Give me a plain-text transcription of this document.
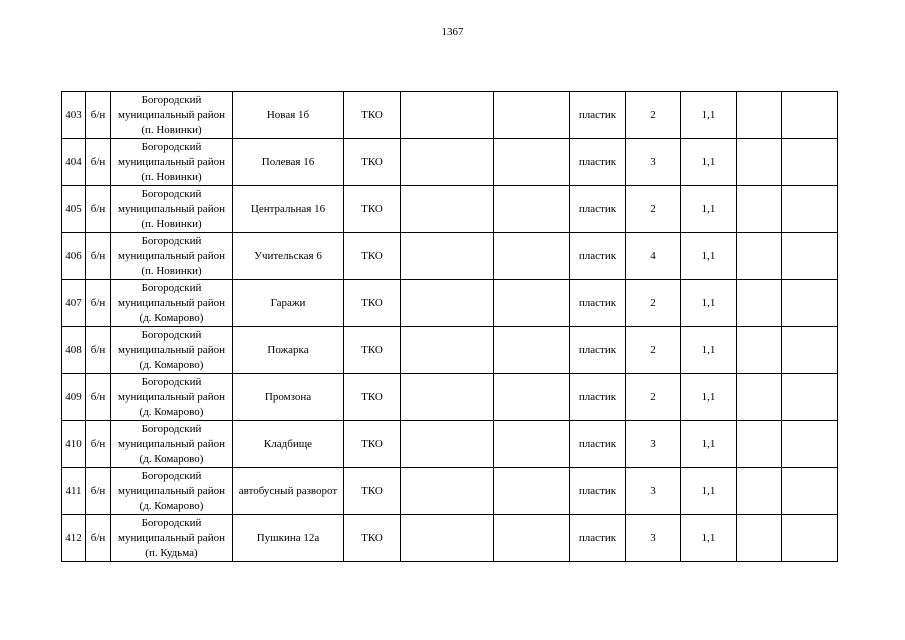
1367
403	б/н	Богородский
муниципальный район
(п. Новинки)	Новая 1б	ТКО			пластик	2	1,1		
404	б/н	Богородский
муниципальный район
(п. Новинки)	Полевая 16	ТКО			пластик	3	1,1		
405	б/н	Богородский
муниципальный район
(п. Новинки)	Центральная 16	ТКО			пластик	2	1,1		
406	б/н	Богородский
муниципальный район
(п. Новинки)	Учительская 6	ТКО			пластик	4	1,1		
407	б/н	Богородский
муниципальный район
(д. Комарово)	Гаражи	ТКО			пластик	2	1,1		
408	б/н	Богородский
муниципальный район
(д. Комарово)	Пожарка	ТКО			пластик	2	1,1		
409	б/н	Богородский
муниципальный район
(д. Комарово)	Промзона	ТКО			пластик	2	1,1		
410	б/н	Богородский
муниципальный район
(д. Комарово)	Кладбище	ТКО			пластик	3	1,1		
411	б/н	Богородский
муниципальный район
(д. Комарово)	автобусный разворот	ТКО			пластик	3	1,1		
412	б/н	Богородский
муниципальный район
(п. Кудьма)	Пушкина 12а	ТКО			пластик	3	1,1		
